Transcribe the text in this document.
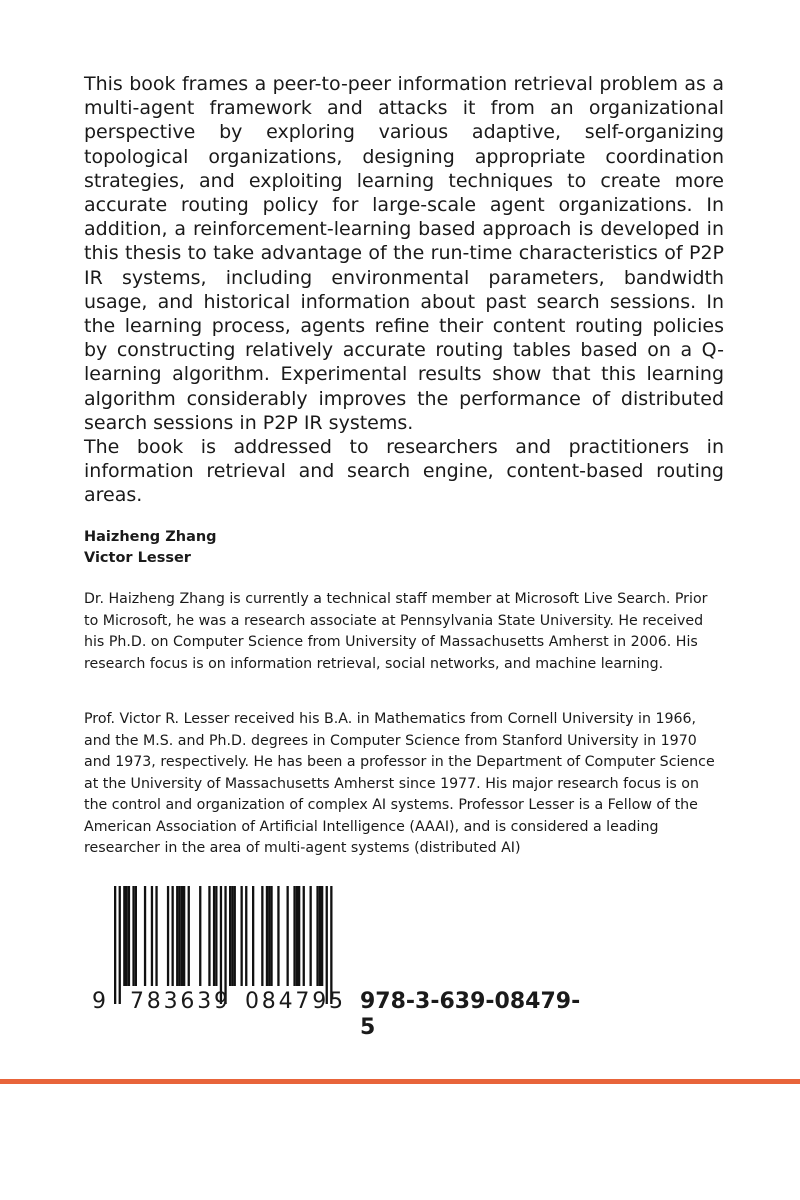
This book frames a peer-to-peer information retrieval problem as a multi-agent framework and attacks it from an organizational perspective by exploring various adaptive, self-organizing topological organizations, designing appropriate coordination strategies, and exploiting learning techniques to create more accurate routing policy for large-scale agent organizations. In addition, a reinforcement-learning based approach is developed in this thesis to take advantage of the run-time characteristics of P2P IR systems, including environmental parameters, bandwidth usage, and historical information about past search sessions. In the learning process, agents refine their content routing policies by constructing relatively accurate routing tables based on a Q-learning algorithm. Experimental results show that this learning algorithm considerably improves the performance of distributed search sessions in P2P IR systems.

The book is addressed to researchers and practitioners in information retrieval and search engine, content-based routing areas.

Haizheng Zhang
Victor Lesser

Dr. Haizheng Zhang is currently a technical staff member at Microsoft Live Search. Prior to Microsoft, he was a research associate at Pennsylvania State University. He received his Ph.D. on Computer Science from University of Massachusetts Amherst in 2006. His research focus is on information retrieval, social networks, and machine learning.

Prof. Victor R. Lesser received his B.A. in Mathematics from Cornell University in 1966, and the M.S. and Ph.D. degrees in Computer Science from Stanford University in 1970 and 1973, respectively. He has been a professor in the Department of Computer Science at the University of Massachusetts Amherst since 1977. His major research focus is on the control and organization of complex AI systems. Professor Lesser is a Fellow of the American Association of Artificial Intelligence (AAAI), and is considered a leading researcher in the area of multi-agent systems (distributed AI)

9 783639 084795 978-3-639-08479-5
